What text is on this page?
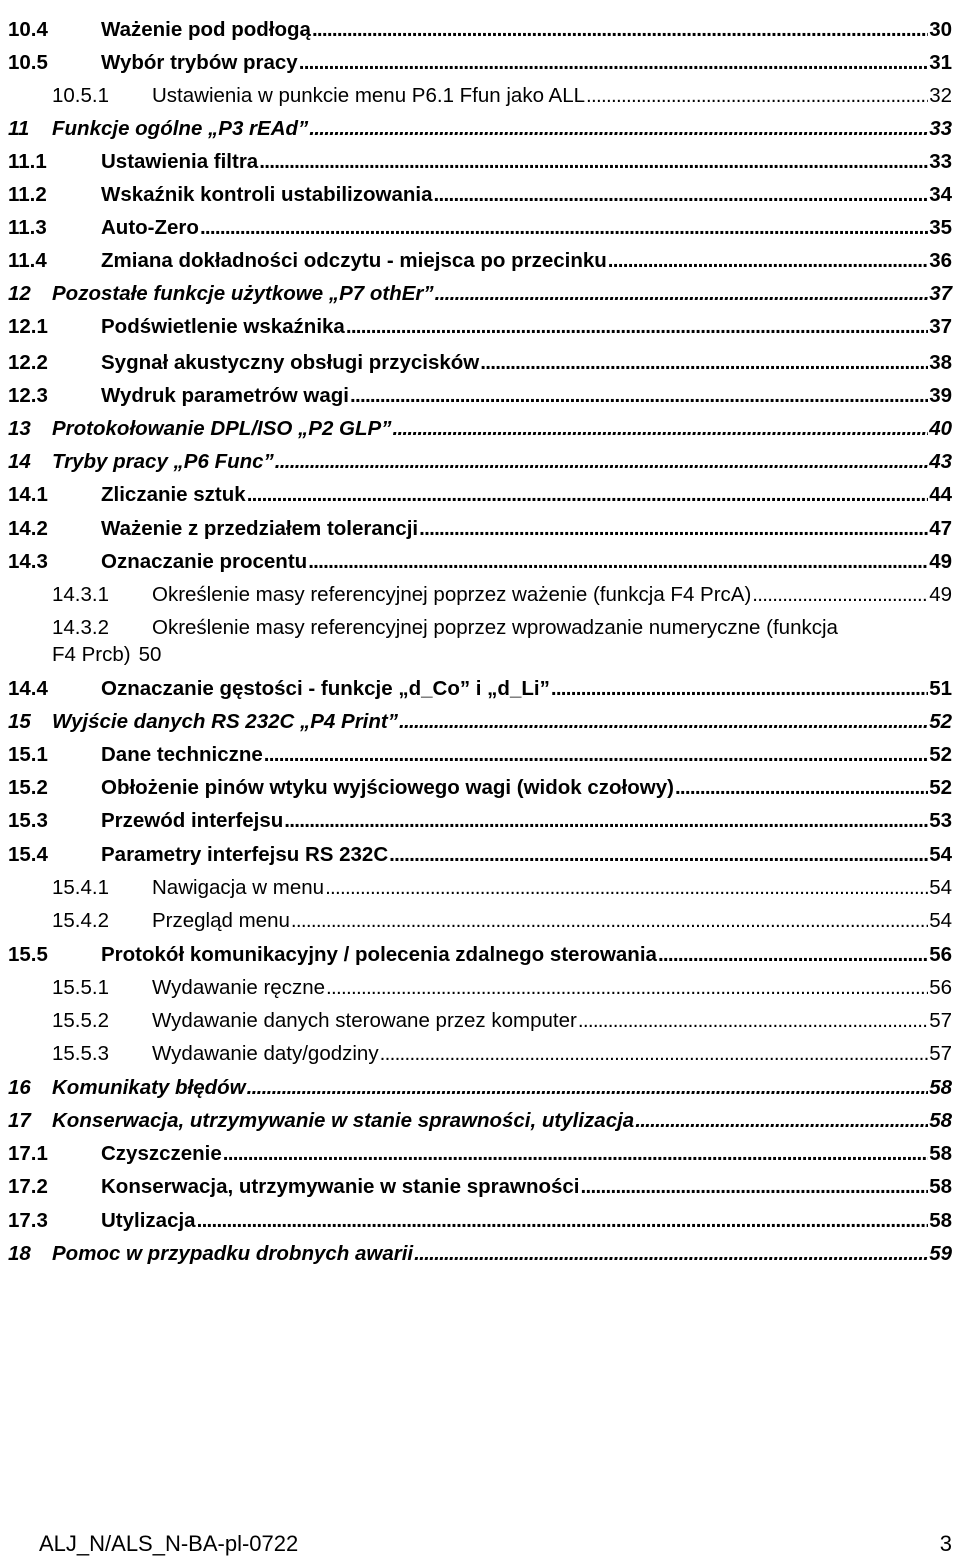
10.4	Ważenie pod podłogą . . .	30
10.5	Wybór trybów pracy . . .	31
10.5.1 Ustawienia w punkcie menu P6.1 Ffun jako ALL . . .	32
11 Funkcje ogólne „P3 rEAd” . . .	33
11.1	Ustawienia filtra . . .	33
11.2	Wskaźnik kontroli ustabilizowania . . .	34
11.3	Auto-Zero . . .	35
11.4	Zmiana dokładności odczytu - miejsca po przecinku . . .	36
12 Pozostałe funkcje użytkowe „P7 othEr” . . .	37
12.1	Podświetlenie wskaźnika . . .	37
12.2	Sygnał akustyczny obsługi przycisków . . .	38
12.3	Wydruk parametrów wagi . . .	39
13 Protokołowanie DPL/ISO „P2 GLP” . . .	40
14 Tryby pracy „P6 Func” . . .	43
14.1	Zliczanie sztuk . . .	44
14.2	Ważenie z przedziałem tolerancji . . .	47
14.3	Oznaczanie procentu . . .	49
14.3.1 Określenie masy referencyjnej poprzez ważenie (funkcja F4 PrcA) . . .	49
14.3.2 Określenie masy referencyjnej poprzez wprowadzanie numeryczne (funkcja
F4 Prcb) 50
14.4	Oznaczanie gęstości - funkcje „d_Co” i „d_Li” . . .	51
15 Wyjście danych RS 232C „P4 Print” . . .	52
15.1	Dane techniczne . . .	52
15.2	Obłożenie pinów wtyku wyjściowego wagi (widok czołowy) . . .	52
15.3	Przewód interfejsu . . .	53
15.4	Parametry interfejsu RS 232C . . .	54
15.4.1 Nawigacja w menu . . .	54
15.4.2 Przegląd menu . . .	54
15.5	Protokół komunikacyjny / polecenia zdalnego sterowania . . .	56
15.5.1 Wydawanie ręczne . . .	56
15.5.2 Wydawanie danych sterowane przez komputer . . .	57
15.5.3 Wydawanie daty/godziny . . .	57
16 Komunikaty błędów . . .	58
17 Konserwacja, utrzymywanie w stanie sprawności, utylizacja . . .	58
17.1	Czyszczenie . . .	58
17.2	Konserwacja, utrzymywanie w stanie sprawności . . .	58
17.3	Utylizacja . . .	58
18 Pomoc w przypadku drobnych awarii . . .	59
ALJ_N/ALS_N-BA-pl-0722	3
